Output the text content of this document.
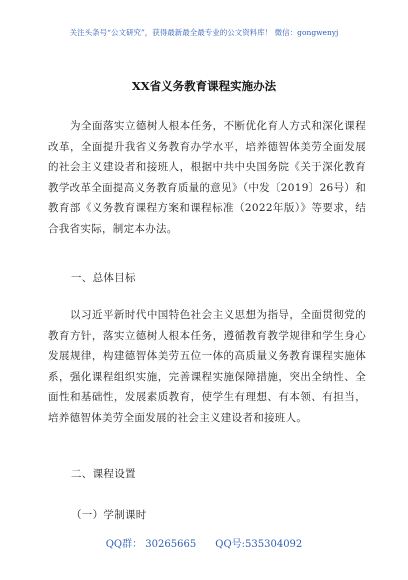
关注头条号“公文研究”，获得最新最全最专业的公文资料库！ 微信：gongwenyj
XX省义务教育课程实施办法
为全面落实立德树人根本任务，不断优化育人方式和深化课程改革，全面提升我省义务教育办学水平，培养德智体美劳全面发展的社会主义建设者和接班人，根据中共中央国务院《关于深化教育教学改革全面提高义务教育质量的意见》（中发〔2019〕26号）和教育部《义务教育课程方案和课程标准（2022年版）》等要求，结合我省实际，制定本办法。
一、总体目标
以习近平新时代中国特色社会主义思想为指导，全面贯彻党的教育方针，落实立德树人根本任务，遵循教育教学规律和学生身心发展规律，构建德智体美劳五位一体的高质量义务教育课程实施体系，强化课程组织实施，完善课程实施保障措施，突出全纳性、全面性和基础性，发展素质教育，使学生有理想、有本领、有担当，培养德智体美劳全面发展的社会主义建设者和接班人。
二、课程设置
（一）学制课时
QQ群： 30265665      QQ号:535304092
